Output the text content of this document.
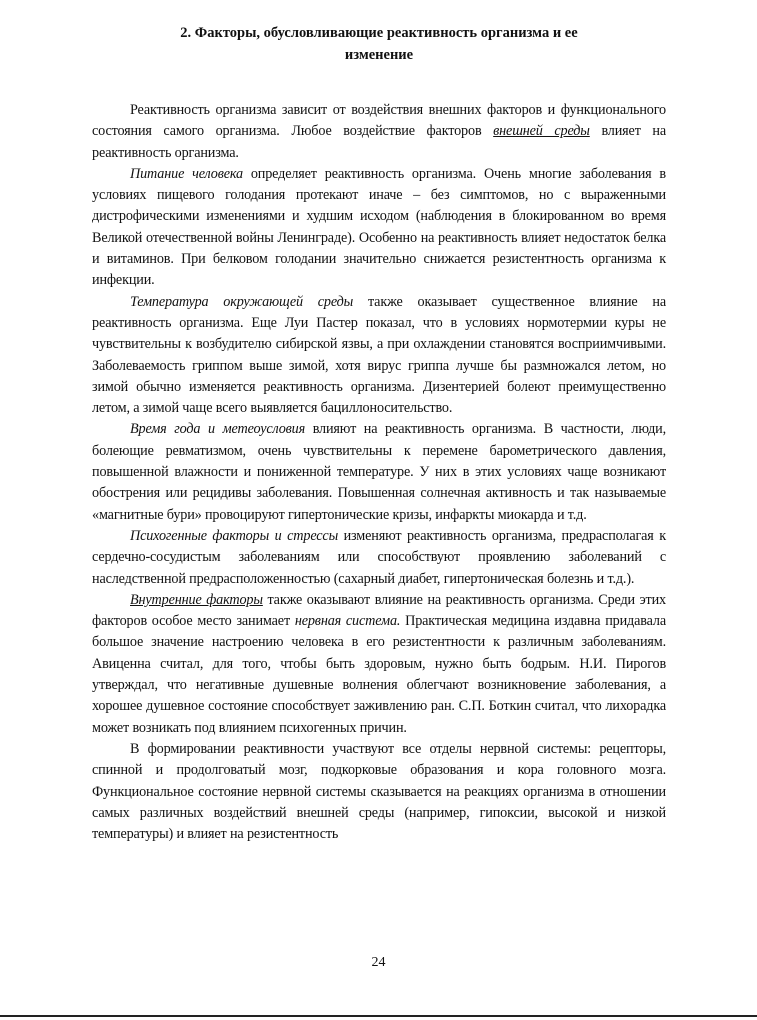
2. Факторы, обусловливающие реактивность организма и ее
изменение

Реактивность организма зависит от воздействия внешних факторов и функционального состояния самого организма. Любое воздействие факторов внешней среды влияет на реактивность организма.

Питание человека определяет реактивность организма. Очень многие заболевания в условиях пищевого голодания протекают иначе – без симптомов, но с выраженными дистрофическими изменениями и худшим исходом (наблюдения в блокированном во время Великой отечественной войны Ленинграде). Особенно на реактивность влияет недостаток белка и витаминов. При белковом голодании значительно снижается резистентность организма к инфекции.

Температура окружающей среды также оказывает существенное влияние на реактивность организма. Еще Луи Пастер показал, что в условиях нормотермии куры не чувствительны к возбудителю сибирской язвы, а при охлаждении становятся восприимчивыми. Заболеваемость гриппом выше зимой, хотя вирус гриппа лучше бы размножался летом, но зимой обычно изменяется реактивность организма. Дизентерией болеют преимущественно летом, а зимой чаще всего выявляется бациллоносительство.

Время года и метеоусловия влияют на реактивность организма. В частности, люди, болеющие ревматизмом, очень чувствительны к перемене барометрического давления, повышенной влажности и пониженной температуре. У них в этих условиях чаще возникают обострения или рецидивы заболевания. Повышенная солнечная активность и так называемые «магнитные бури» провоцируют гипертонические кризы, инфаркты миокарда и т.д.

Психогенные факторы и стрессы изменяют реактивность организма, предрасполагая к сердечно-сосудистым заболеваниям или способствуют проявлению заболеваний с наследственной предрасположенностью (сахарный диабет, гипертоническая болезнь и т.д.).

Внутренние факторы также оказывают влияние на реактивность организма. Среди этих факторов особое место занимает нервная система. Практическая медицина издавна придавала большое значение настроению человека в его резистентности к различным заболеваниям. Авиценна считал, для того, чтобы быть здоровым, нужно быть бодрым. Н.И. Пирогов утверждал, что негативные душевные волнения облегчают возникновение заболевания, а хорошее душевное состояние способствует заживлению ран. С.П. Боткин считал, что лихорадка может возникать под влиянием психогенных причин.

В формировании реактивности участвуют все отделы нервной системы: рецепторы, спинной и продолговатый мозг, подкорковые образования и кора головного мозга. Функциональное состояние нервной системы сказывается на реакциях организма в отношении самых различных воздействий внешней среды (например, гипоксии, высокой и низкой температуры) и влияет на резистентность

24
